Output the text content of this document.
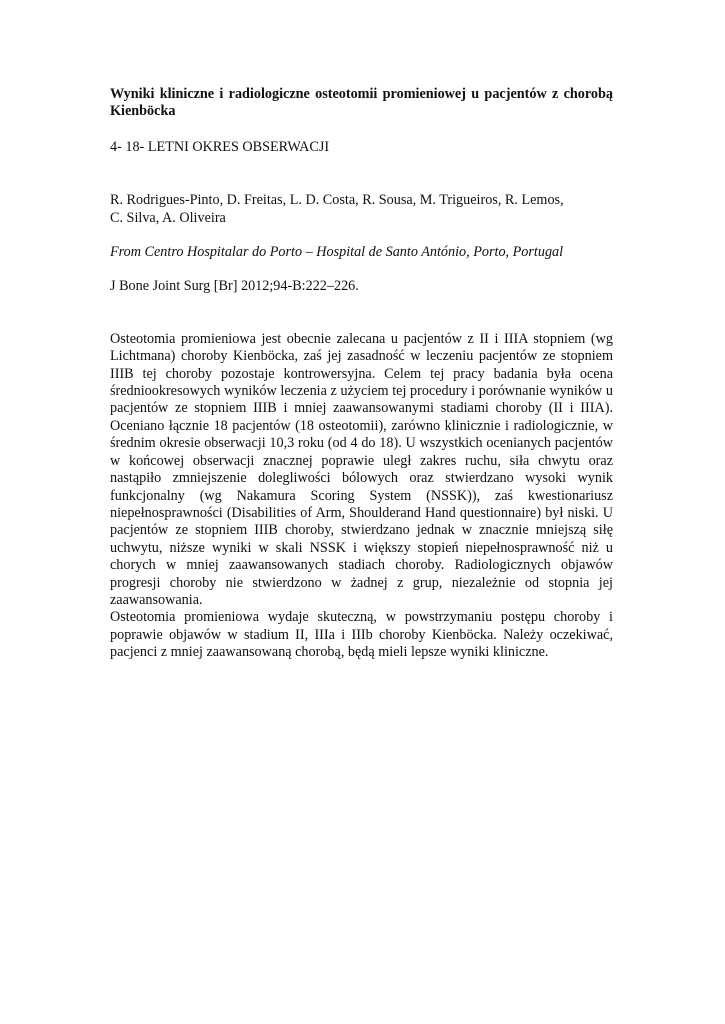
Wyniki kliniczne i radiologiczne osteotomii promieniowej u pacjentów z chorobą Kienböcka

4- 18- LETNI OKRES OBSERWACJI

R. Rodrigues-Pinto, D. Freitas, L. D. Costa, R. Sousa, M. Trigueiros, R. Lemos,
C. Silva, A. Oliveira

From Centro Hospitalar do Porto – Hospital de Santo António, Porto, Portugal

J Bone Joint Surg [Br] 2012;94-B:222–226.

Osteotomia promieniowa jest obecnie zalecana u pacjentów z II i IIIA stopniem (wg Lichtmana) choroby Kienböcka, zaś jej zasadność w leczeniu pacjentów ze stopniem IIIB tej choroby pozostaje kontrowersyjna. Celem tej pracy badania była ocena średniookresowych wyników leczenia z użyciem tej procedury i porównanie wyników u pacjentów ze stopniem IIIB i mniej zaawansowanymi stadiami choroby (II i IIIA). Oceniano łącznie 18 pacjentów (18 osteotomii), zarówno klinicznie i radiologicznie, w średnim okresie obserwacji 10,3 roku (od 4 do 18). U wszystkich ocenianych pacjentów w końcowej obserwacji znacznej poprawie uległ zakres ruchu, siła chwytu oraz nastąpiło zmniejszenie dolegliwości bólowych oraz stwierdzano wysoki wynik funkcjonalny (wg Nakamura Scoring System (NSSK)), zaś kwestionariusz niepełnosprawności (Disabilities of Arm, Shoulderand Hand questionnaire) był niski. U pacjentów ze stopniem IIIB choroby, stwierdzano jednak w znacznie mniejszą siłę uchwytu, niższe wyniki w skali NSSK i większy stopień niepełnosprawność niż u chorych w mniej zaawansowanych stadiach choroby. Radiologicznych objawów progresji choroby nie stwierdzono w żadnej z grup, niezależnie od stopnia jej zaawansowania.

Osteotomia promieniowa wydaje skuteczną, w powstrzymaniu postępu choroby i poprawie objawów w stadium II, IIIa i IIIb choroby Kienböcka. Należy oczekiwać, pacjenci z mniej zaawansowaną chorobą, będą mieli lepsze wyniki kliniczne.
